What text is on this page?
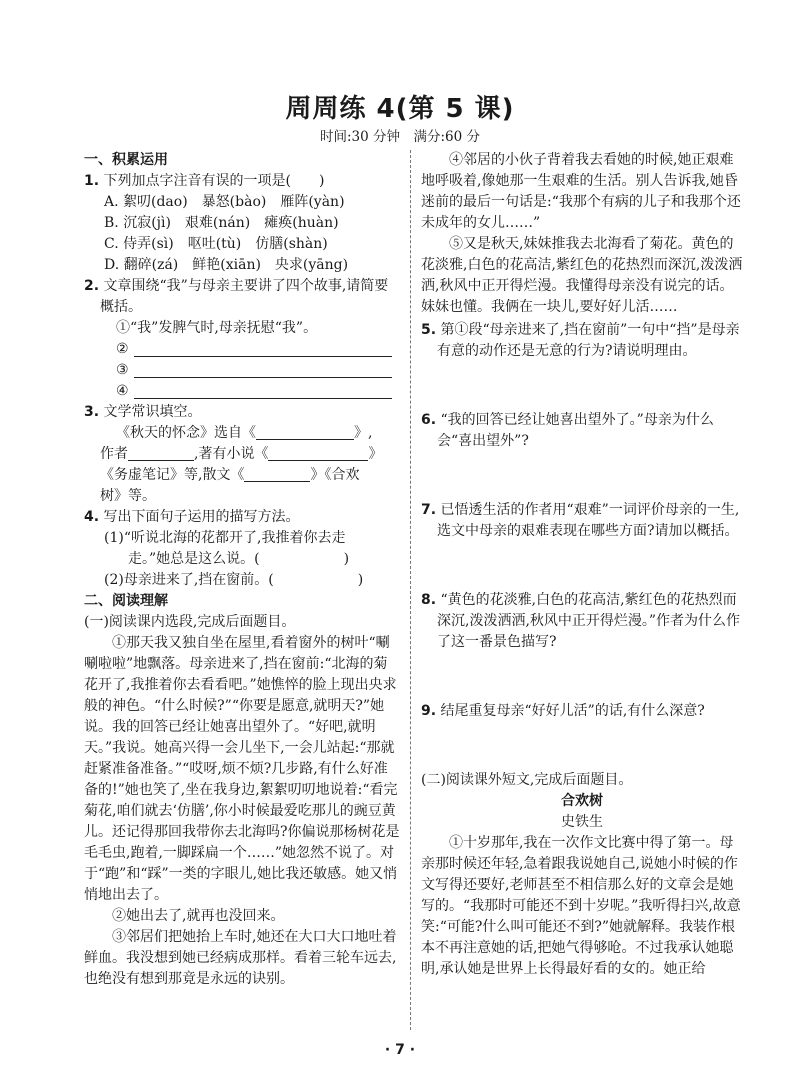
周周练 4(第 5 课)
时间:30 分钟　满分:60 分
一、积累运用
1. 下列加点字注音有误的一项是(　　)
A. 絮叨(dao)　暴怒(bào)　雁阵(yàn)
B. 沉寂(jì)　艰难(nán)　瘫痪(huàn)
C. 侍弄(sì)　呕吐(tù)　仿膳(shàn)
D. 翻碎(zá)　鲜艳(xiān)　央求(yāng)
2. 文章围绕“我”与母亲主要讲了四个故事,请简要概括。
①“我”发脾气时,母亲抚慰“我”。
②
③
④
3. 文学常识填空。
《秋天的怀念》选自《	》,
作者	,著有小说《	》
《务虚笔记》等,散文《	》《合欢
树》等。
4. 写出下面句子运用的描写方法。
(1)“听说北海的花都开了,我推着你去走
走。”她总是这么说。(　　　　　　)
(2)母亲进来了,挡在窗前。(　　　　　　)
二、阅读理解
(一)阅读课内选段,完成后面题目。
①那天我又独自坐在屋里,看着窗外的树叶“唰唰啦啦”地飘落。母亲进来了,挡在窗前:“北海的菊花开了,我推着你去看看吧。”她憔悴的脸上现出央求般的神色。“什么时候?”“你要是愿意,就明天?”她说。我的回答已经让她喜出望外了。“好吧,就明天。”我说。她高兴得一会儿坐下,一会儿站起:“那就赶紧准备准备。”“哎呀,烦不烦?几步路,有什么好准备的!”她也笑了,坐在我身边,絮絮叨叨地说着:“看完菊花,咱们就去‘仿膳’,你小时候最爱吃那儿的豌豆黄儿。还记得那回我带你去北海吗?你偏说那杨树花是毛毛虫,跑着,一脚踩扁一个……”她忽然不说了。对于“跑”和“踩”一类的字眼儿,她比我还敏感。她又悄悄地出去了。
②她出去了,就再也没回来。
③邻居们把她抬上车时,她还在大口大口地吐着鲜血。我没想到她已经病成那样。看着三轮车远去,也绝没有想到那竟是永远的诀别。
④邻居的小伙子背着我去看她的时候,她正艰难地呼吸着,像她那一生艰难的生活。别人告诉我,她昏迷前的最后一句话是:“我那个有病的儿子和我那个还未成年的女儿……”
⑤又是秋天,妹妹推我去北海看了菊花。黄色的花淡雅,白色的花高洁,紫红色的花热烈而深沉,泼泼洒洒,秋风中正开得烂漫。我懂得母亲没有说完的话。妹妹也懂。我俩在一块儿,要好好儿活……
5. 第①段“母亲进来了,挡在窗前”一句中“挡”是母亲有意的动作还是无意的行为?请说明理由。
6. “我的回答已经让她喜出望外了。”母亲为什么会“喜出望外”?
7. 已悟透生活的作者用“艰难”一词评价母亲的一生,选文中母亲的艰难表现在哪些方面?请加以概括。
8. “黄色的花淡雅,白色的花高洁,紫红色的花热烈而深沉,泼泼洒洒,秋风中正开得烂漫。”作者为什么作了这一番景色描写?
9. 结尾重复母亲“好好儿活”的话,有什么深意?
(二)阅读课外短文,完成后面题目。
合欢树
史铁生
①十岁那年,我在一次作文比赛中得了第一。母亲那时候还年轻,急着跟我说她自己,说她小时候的作文写得还要好,老师甚至不相信那么好的文章会是她写的。“我那时可能还不到十岁呢。”我听得扫兴,故意笑:“可能?什么叫可能还不到?”她就解释。我装作根本不再注意她的话,把她气得够呛。不过我承认她聪明,承认她是世界上长得最好看的女的。她正给
· 7 ·
